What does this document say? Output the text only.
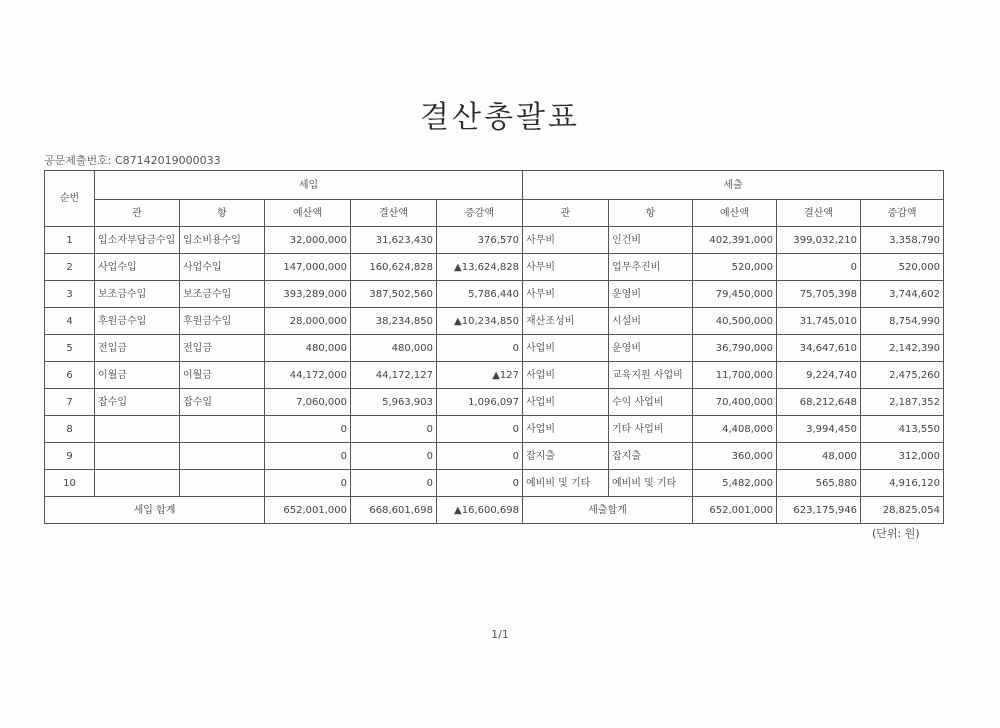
결산총괄표
공문제출번호: C87142019000033
순번	세입					세출				
	관	항	예산액	결산액	증감액	관	항	예산액	결산액	증감액
1	입소자부담금수입	입소비용수입	32,000,000	31,623,430	376,570	사무비	인건비	402,391,000	399,032,210	3,358,790
2	사업수입	사업수입	147,000,000	160,624,828	▲13,624,828	사무비	업무추진비	520,000	0	520,000
3	보조금수입	보조금수입	393,289,000	387,502,560	5,786,440	사무비	운영비	79,450,000	75,705,398	3,744,602
4	후원금수입	후원금수입	28,000,000	38,234,850	▲10,234,850	재산조성비	시설비	40,500,000	31,745,010	8,754,990
5	전입금	전입금	480,000	480,000	0	사업비	운영비	36,790,000	34,647,610	2,142,390
6	이월금	이월금	44,172,000	44,172,127	▲127	사업비	교육지원 사업비	11,700,000	9,224,740	2,475,260
7	잡수입	잡수입	7,060,000	5,963,903	1,096,097	사업비	수익 사업비	70,400,000	68,212,648	2,187,352
8			0	0	0	사업비	기타 사업비	4,408,000	3,994,450	413,550
9			0	0	0	잡지출	잡지출	360,000	48,000	312,000
10			0	0	0	예비비 및 기타	예비비 및 기타	5,482,000	565,880	4,916,120
세입 합계			652,001,000	668,601,698	▲16,600,698	세출합계		652,001,000	623,175,946	28,825,054
(단위: 원)
1/1
